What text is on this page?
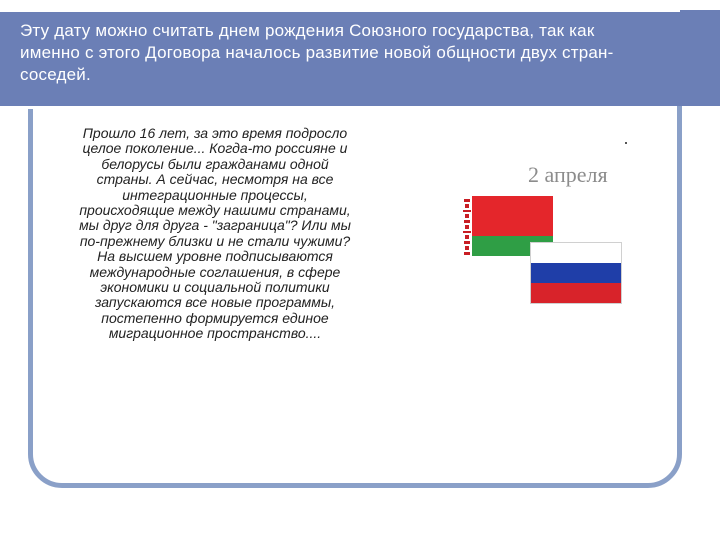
Эту дату можно считать днем рождения Союзного государства, так как именно с этого Договора началось развитие новой общности двух стран-соседей.
Прошло 16 лет, за это время подросло целое поколение... Когда-то россияне и белорусы были гражданами одной страны. А сейчас, несмотря на все интеграционные процессы, происходящие между нашими странами, мы друг для друга - "заграница"? Или мы по-прежнему близки и не стали чужими? На высшем уровне подписываются международные соглашения, в сфере экономики и социальной политики запускаются все новые программы, постепенно формируется единое миграционное пространство....
2 апреля
